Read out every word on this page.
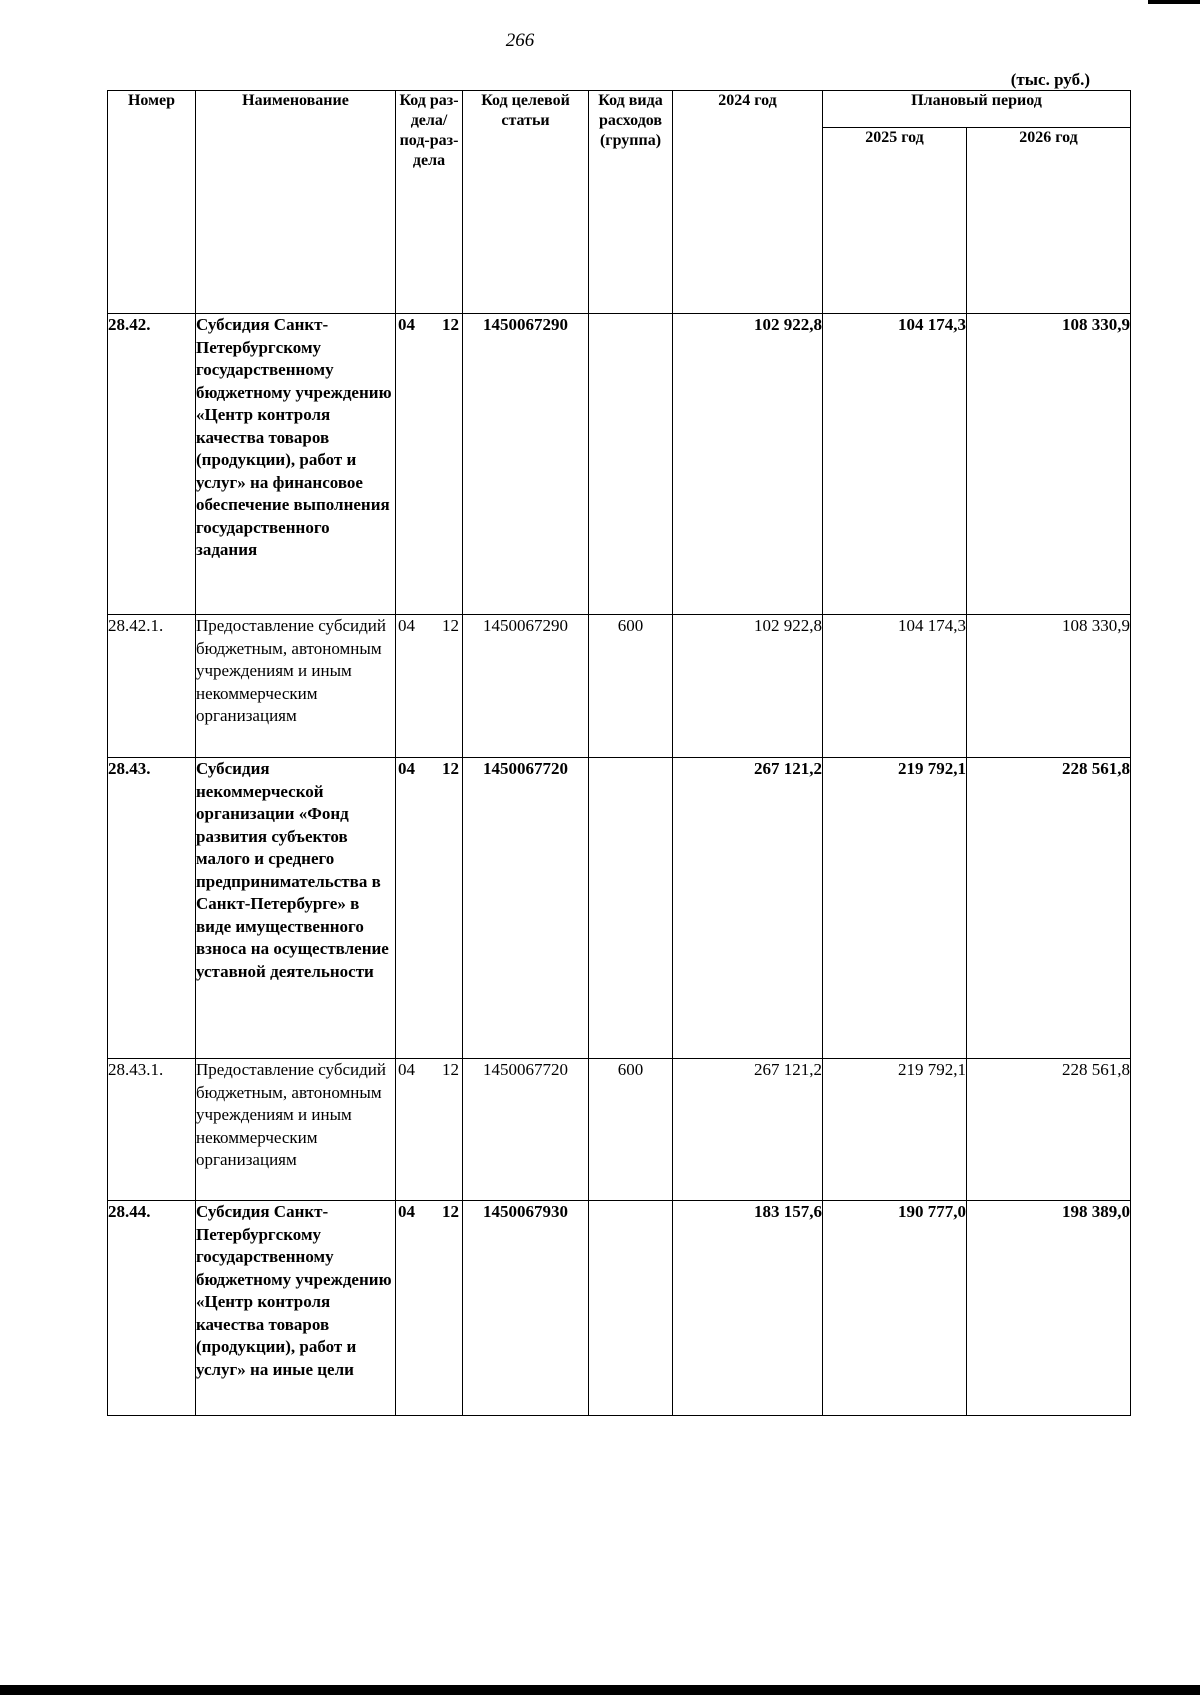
266
(тыс. руб.)
Номер	Наименование	Код раз-дела/ под-раз-дела	Код целевой статьи	Код вида расходов (группа)	2024 год	Плановый период	
						2025 год	2026 год
28.42.	Субсидия Санкт-Петербургскому государственному бюджетному учреждению «Центр контроля качества товаров (продукции), работ и услуг» на финансовое обеспечение выполнения государственного задания	04 12	1450067290		102 922,8	104 174,3	108 330,9
28.42.1.	Предоставление субсидий бюджетным, автономным учреждениям и иным некоммерческим организациям	04 12	1450067290	600	102 922,8	104 174,3	108 330,9
28.43.	Субсидия некоммерческой организации «Фонд развития субъектов малого и среднего предпринимательства в Санкт-Петербурге» в виде имущественного взноса на осуществление уставной деятельности	04 12	1450067720		267 121,2	219 792,1	228 561,8
28.43.1.	Предоставление субсидий бюджетным, автономным учреждениям и иным некоммерческим организациям	04 12	1450067720	600	267 121,2	219 792,1	228 561,8
28.44.	Субсидия Санкт-Петербургскому государственному бюджетному учреждению «Центр контроля качества товаров (продукции), работ и услуг» на иные цели	04 12	1450067930		183 157,6	190 777,0	198 389,0
